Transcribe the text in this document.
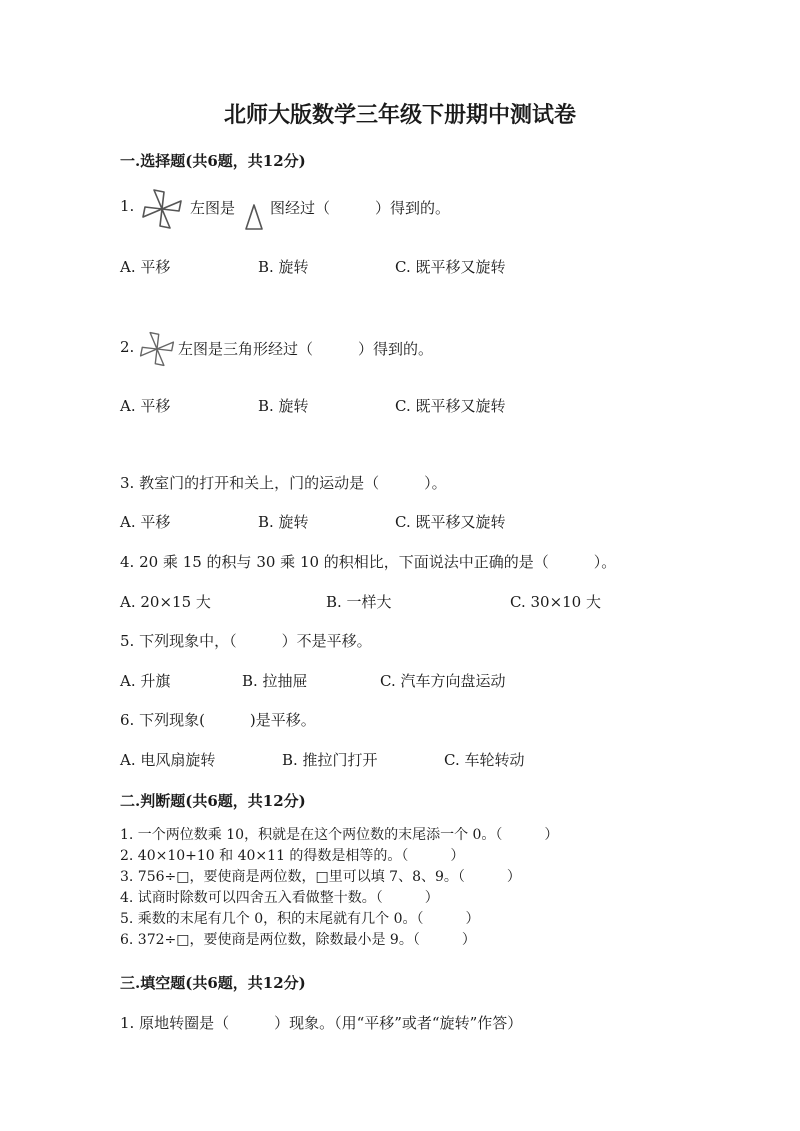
北师大版数学三年级下册期中测试卷
一.选择题(共6题，共12分)
1.	左图是 图经过（　　　）得到的。
A. 平移	B. 旋转	C. 既平移又旋转
2.	左图是三角形经过（　　　）得到的。
A. 平移	B. 旋转	C. 既平移又旋转
3. 教室门的打开和关上，门的运动是（　　　）。
A. 平移	B. 旋转	C. 既平移又旋转
4. 20 乘 15 的积与 30 乘 10 的积相比，下面说法中正确的是（　　　）。
A. 20×15 大	B. 一样大	C. 30×10 大
5. 下列现象中，（　　　）不是平移。
A. 升旗	B. 拉抽屉	C. 汽车方向盘运动
6. 下列现象(　　　)是平移。
A. 电风扇旋转	B. 推拉门打开	C. 车轮转动
二.判断题(共6题，共12分)
1. 一个两位数乘 10，积就是在这个两位数的末尾添一个 0。（　　　）
2. 40×10+10 和 40×11 的得数是相等的。（　　　）
3. 756÷□，要使商是两位数，□里可以填 7、8、9。（　　　）
4. 试商时除数可以四舍五入看做整十数。（　　　）
5. 乘数的末尾有几个 0，积的末尾就有几个 0。（　　　）
6. 372÷□，要使商是两位数，除数最小是 9。（　　　）
三.填空题(共6题，共12分)
1. 原地转圈是（　　　）现象。（用“平移”或者“旋转”作答）
